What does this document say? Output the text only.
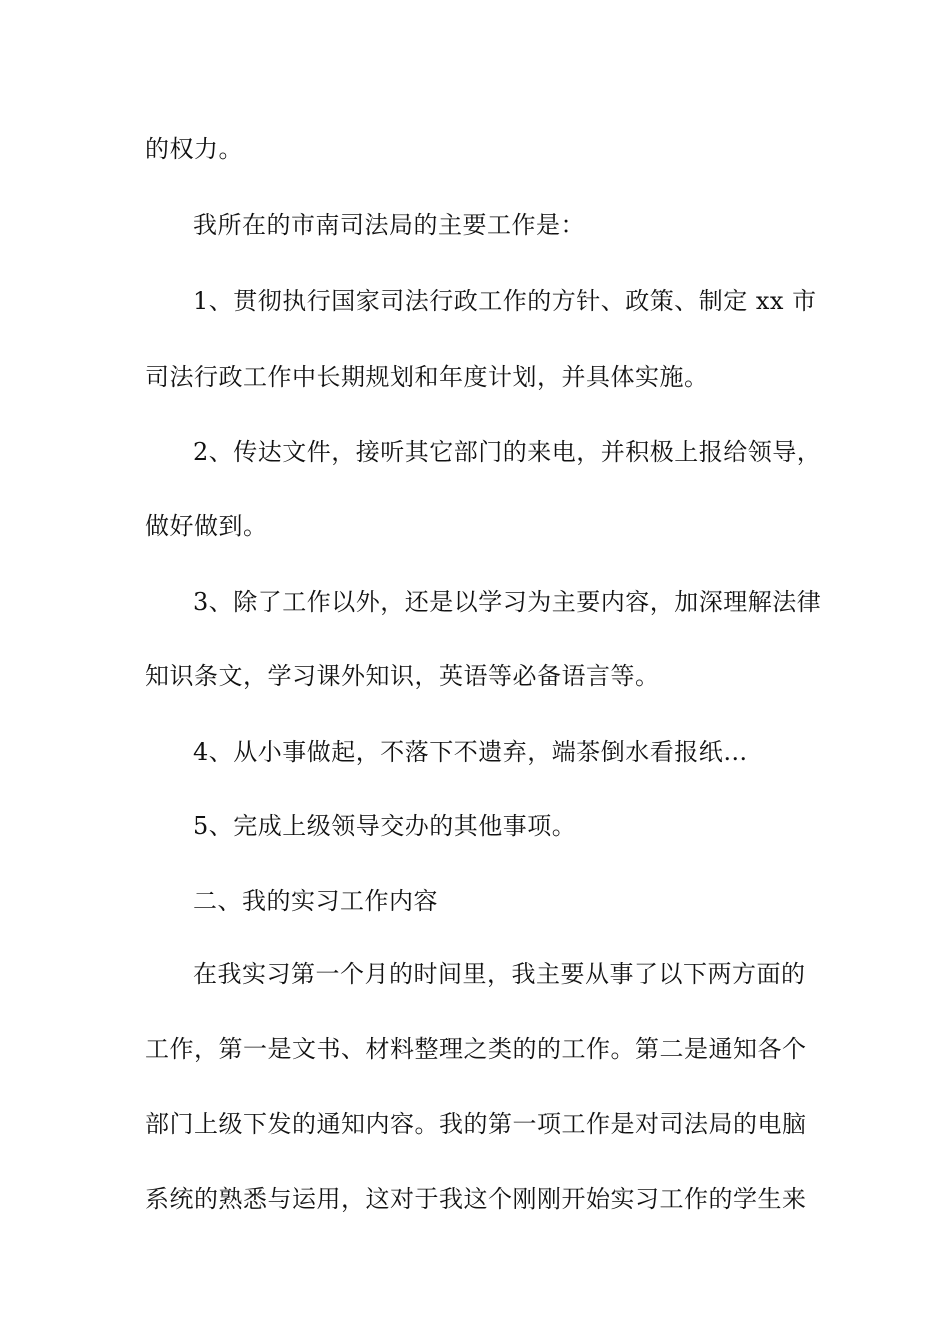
的权力。
我所在的市南司法局的主要工作是：
1、贯彻执行国家司法行政工作的方针、政策、制定 xx 市
司法行政工作中长期规划和年度计划，并具体实施。
2、传达文件，接听其它部门的来电，并积极上报给领导，
做好做到。
3、除了工作以外，还是以学习为主要内容，加深理解法律
知识条文，学习课外知识，英语等必备语言等。
4、从小事做起，不落下不遗弃，端茶倒水看报纸…
5、完成上级领导交办的其他事项。
二、我的实习工作内容
在我实习第一个月的时间里，我主要从事了以下两方面的
工作，第一是文书、材料整理之类的的工作。第二是通知各个
部门上级下发的通知内容。我的第一项工作是对司法局的电脑
系统的熟悉与运用，这对于我这个刚刚开始实习工作的学生来
